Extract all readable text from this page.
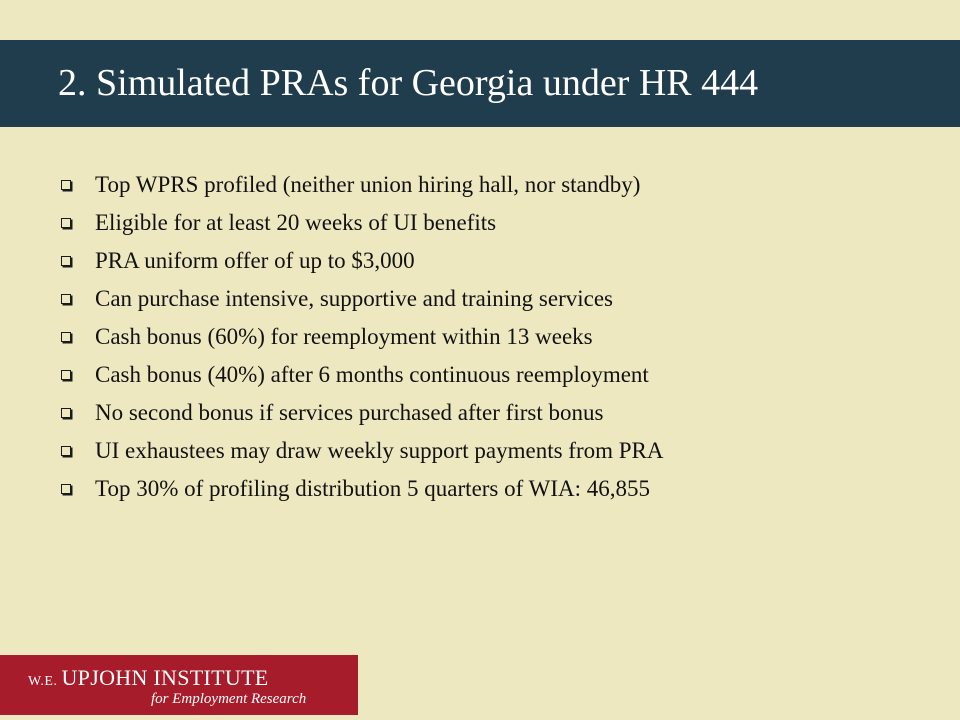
2. Simulated PRAs for Georgia under HR 444
Top WPRS profiled (neither union hiring hall, nor standby)
Eligible for at least 20 weeks of UI benefits
PRA uniform offer of up to $3,000
Can purchase intensive, supportive and training services
Cash bonus (60%) for reemployment within 13 weeks
Cash bonus (40%) after 6 months continuous reemployment
No second bonus if services purchased after first bonus
UI exhaustees may draw weekly support payments from PRA
Top 30% of profiling distribution 5 quarters of WIA: 46,855
W.E. UPJOHN INSTITUTE
for Employment Research
